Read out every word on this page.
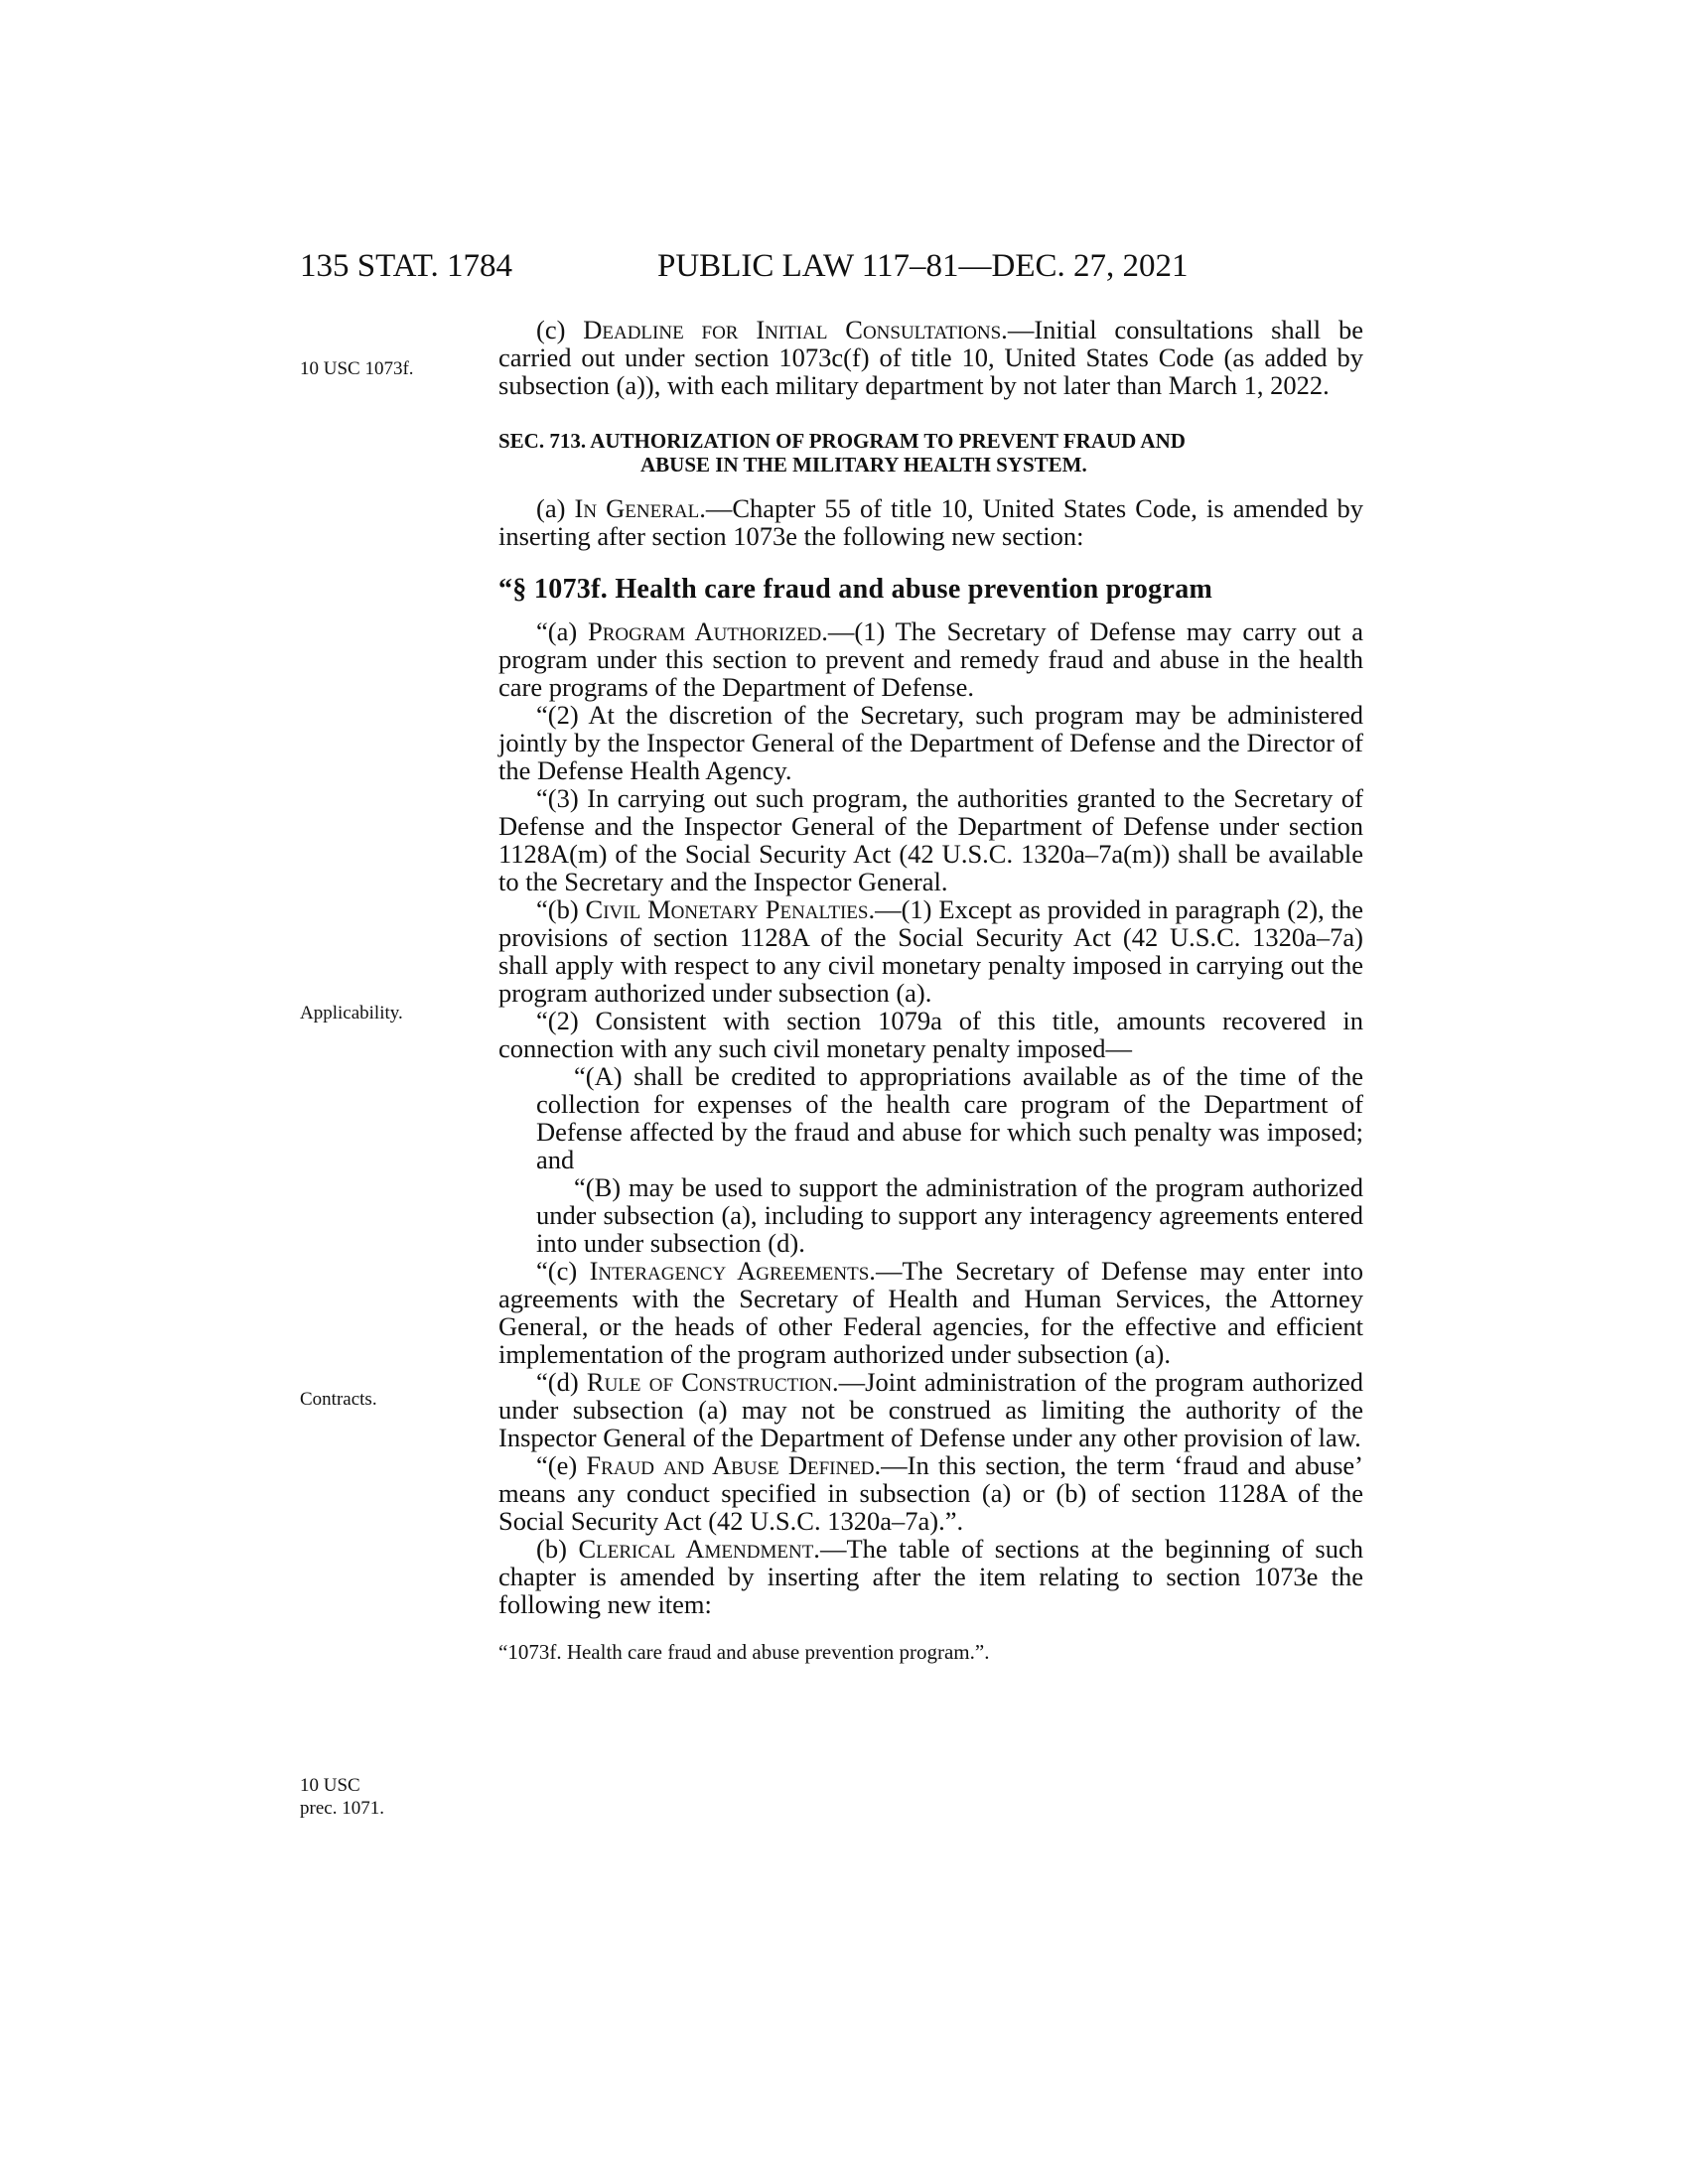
135 STAT. 1784	PUBLIC LAW 117–81—DEC. 27, 2021
10 USC 1073f.
Applicability.
Contracts.
10 USC
prec. 1071.

(c) Deadline for Initial Consultations.—Initial consultations shall be carried out under section 1073c(f) of title 10, United States Code (as added by subsection (a)), with each military department by not later than March 1, 2022.

SEC. 713. AUTHORIZATION OF PROGRAM TO PREVENT FRAUD AND
ABUSE IN THE MILITARY HEALTH SYSTEM.

(a) In General.—Chapter 55 of title 10, United States Code, is amended by inserting after section 1073e the following new section:

“§ 1073f. Health care fraud and abuse prevention program

“(a) Program Authorized.—(1) The Secretary of Defense may carry out a program under this section to prevent and remedy fraud and abuse in the health care programs of the Department of Defense.

“(2) At the discretion of the Secretary, such program may be administered jointly by the Inspector General of the Department of Defense and the Director of the Defense Health Agency.

“(3) In carrying out such program, the authorities granted to the Secretary of Defense and the Inspector General of the Department of Defense under section 1128A(m) of the Social Security Act (42 U.S.C. 1320a–7a(m)) shall be available to the Secretary and the Inspector General.

“(b) Civil Monetary Penalties.—(1) Except as provided in paragraph (2), the provisions of section 1128A of the Social Security Act (42 U.S.C. 1320a–7a) shall apply with respect to any civil monetary penalty imposed in carrying out the program authorized under subsection (a).

“(2) Consistent with section 1079a of this title, amounts recovered in connection with any such civil monetary penalty imposed—

“(A) shall be credited to appropriations available as of the time of the collection for expenses of the health care program of the Department of Defense affected by the fraud and abuse for which such penalty was imposed; and

“(B) may be used to support the administration of the program authorized under subsection (a), including to support any interagency agreements entered into under subsection (d).

“(c) Interagency Agreements.—The Secretary of Defense may enter into agreements with the Secretary of Health and Human Services, the Attorney General, or the heads of other Federal agencies, for the effective and efficient implementation of the program authorized under subsection (a).

“(d) Rule of Construction.—Joint administration of the program authorized under subsection (a) may not be construed as limiting the authority of the Inspector General of the Department of Defense under any other provision of law.

“(e) Fraud and Abuse Defined.—In this section, the term ‘fraud and abuse’ means any conduct specified in subsection (a) or (b) of section 1128A of the Social Security Act (42 U.S.C. 1320a–7a).”.

(b) Clerical Amendment.—The table of sections at the beginning of such chapter is amended by inserting after the item relating to section 1073e the following new item:

“1073f. Health care fraud and abuse prevention program.”.
